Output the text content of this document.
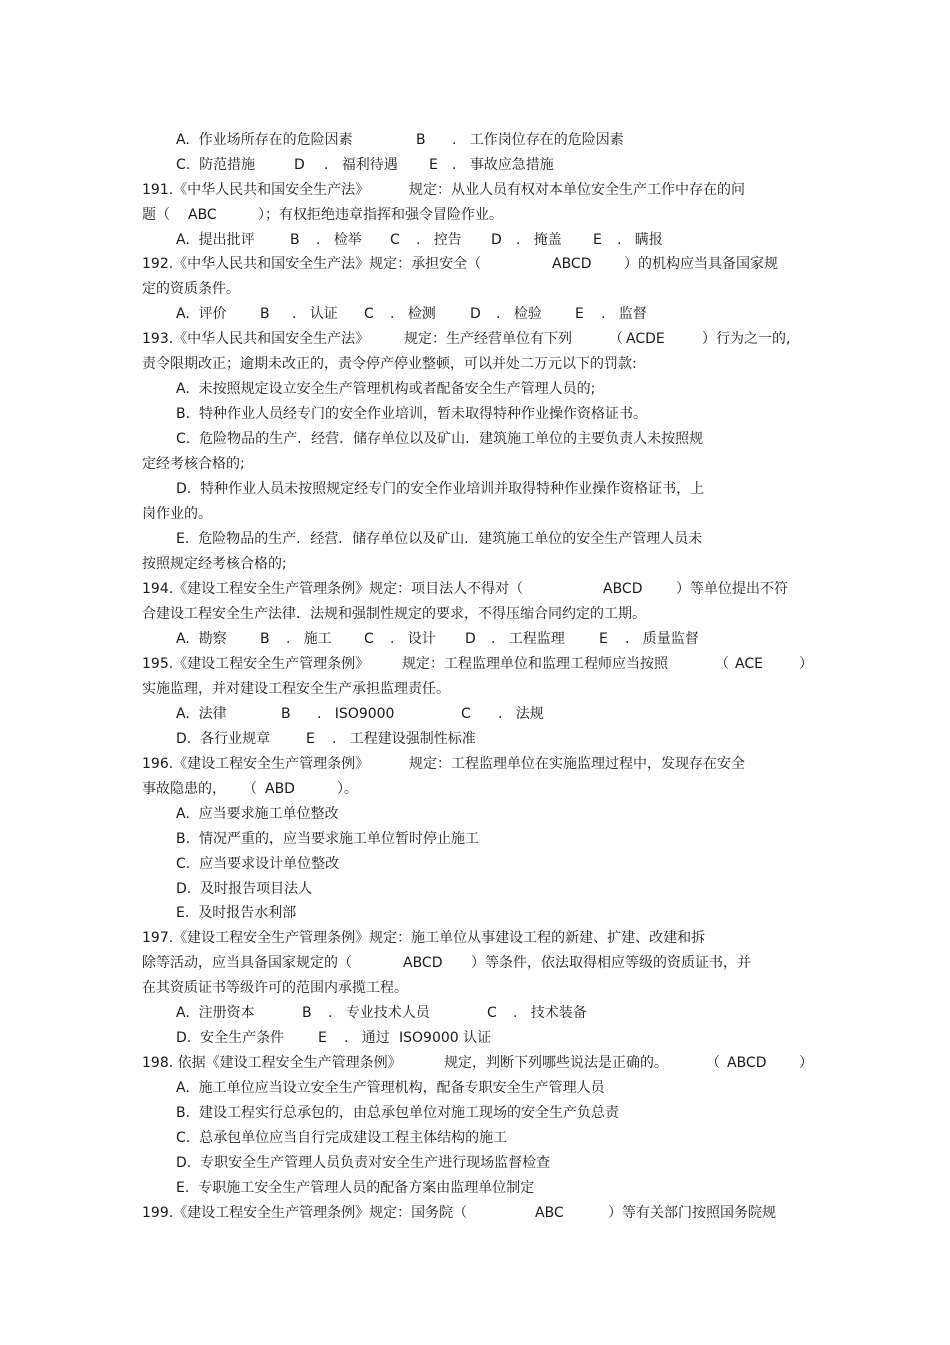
A.  作业场所存在的危险因素	B .   工作岗位存在的危险因素
C.  防范措施	D .   福利待遇 E .   事故应急措施
191.《中华人民共和国安全生产法》	规定：从业人员有权对本单位安全生产工作中存在的问
题（ ABC	）；有权拒绝违章指挥和强令冒险作业。
A.  提出批评	B .   检举 C .   控告 D .   掩盖 E .   瞒报
192.《中华人民共和国安全生产法》规定：承担安全（	ABCD ）的机构应当具备国家规
定的资质条件。
A.  评价 B .   认证 C .   检测 D .   检验 E .   监督
193.《中华人民共和国安全生产法》 规定：生产经营单位有下列	（ ACDE	）行为之一的,
责令限期改正；逾期未改正的，责令停产停业整顿，可以并处二万元以下的罚款:
A.  未按照规定设立安全生产管理机构或者配备安全生产管理人员的;
B.  特种作业人员经专门的安全作业培训，暂未取得特种作业操作资格证书。
C.  危险物品的生产．经营．储存单位以及矿山．建筑施工单位的主要负责人未按照规
定经考核合格的;
D.  特种作业人员未按照规定经专门的安全作业培训并取得特种作业操作资格证书，上
岗作业的。
E.  危险物品的生产．经营．储存单位以及矿山．建筑施工单位的安全生产管理人员未
按照规定经考核合格的;
194.《建设工程安全生产管理条例》规定：项目法人不得对（	ABCD ）等单位提出不符
合建设工程安全生产法律．法规和强制性规定的要求，不得压缩合同约定的工期。
A.  勘察 B .   施工 C .   设计 D .   工程监理 E .   质量监督
195.《建设工程安全生产管理条例》 规定：工程监理单位和监理工程师应当按照	（ ACE	）
实施监理，并对建设工程安全生产承担监理责任。
A.  法律	B .   ISO9000	C .   法规
D.  各行业规章	E .   工程建设强制性标准
196.《建设工程安全生产管理条例》	规定：工程监理单位在实施监理过程中，发现存在安全
事故隐患的， （ ABD	）。
A.  应当要求施工单位整改
B.  情况严重的，应当要求施工单位暂时停止施工
C.  应当要求设计单位整改
D.  及时报告项目法人
E.  及时报告水利部
197.《建设工程安全生产管理条例》规定：施工单位从事建设工程的新建、扩建、改建和拆
除等活动，应当具备国家规定的（	ABCD ）等条件，依法取得相应等级的资质证书，并
在其资质证书等级许可的范围内承揽工程。
A.  注册资本	B .   专业技术人员	C .   技术装备
D.  安全生产条件 E .   通过 ISO9000 认证
198. 依据《建设工程安全生产管理条例》	规定，判断下列哪些说法是正确的。	（ ABCD ）
A.  施工单位应当设立安全生产管理机构，配备专职安全生产管理人员
B.  建设工程实行总承包的，由总承包单位对施工现场的安全生产负总责
C.  总承包单位应当自行完成建设工程主体结构的施工
D.  专职安全生产管理人员负责对安全生产进行现场监督检查
E.  专职施工安全生产管理人员的配备方案由监理单位制定
199.《建设工程安全生产管理条例》规定：国务院（	ABC	）等有关部门按照国务院规
